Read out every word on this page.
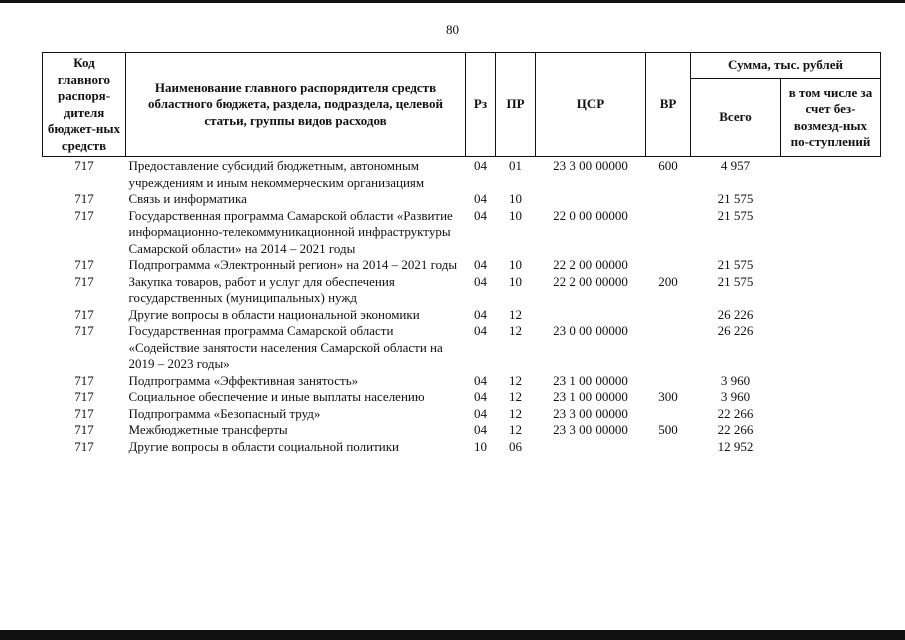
80
Код главного распоря-дителя бюджет-ных средств	Наименование главного распорядителя средств областного бюджета, раздела, подраздела, целевой статьи, группы видов расходов	Рз	ПР	ЦСР	ВР	Сумма, тыс. рублей	
						Всего	в том числе за счет без-возмезд-ных по-ступлений
717	Предоставление субсидий бюджетным, автономным учреждениям и иным некоммерческим организациям	04	01	23 3 00 00000	600	4 957	
717	Связь и информатика	04	10			21 575	
717	Государственная программа Самарской области «Развитие информационно-телекоммуникационной инфраструктуры Самарской области» на 2014 – 2021 годы	04	10	22 0 00 00000		21 575	
717	Подпрограмма «Электронный регион» на 2014 – 2021 годы	04	10	22 2 00 00000		21 575	
717	Закупка товаров, работ и услуг для обеспечения государственных (муниципальных) нужд	04	10	22 2 00 00000	200	21 575	
717	Другие вопросы в области национальной экономики	04	12			26 226	
717	Государственная программа Самарской области «Содействие занятости населения Самарской области на 2019 – 2023 годы»	04	12	23 0 00 00000		26 226	
717	Подпрограмма «Эффективная занятость»	04	12	23 1 00 00000		3 960	
717	Социальное обеспечение и иные выплаты населению	04	12	23 1 00 00000	300	3 960	
717	Подпрограмма «Безопасный труд»	04	12	23 3 00 00000		22 266	
717	Межбюджетные трансферты	04	12	23 3 00 00000	500	22 266	
717	Другие вопросы в области социальной политики	10	06			12 952	
